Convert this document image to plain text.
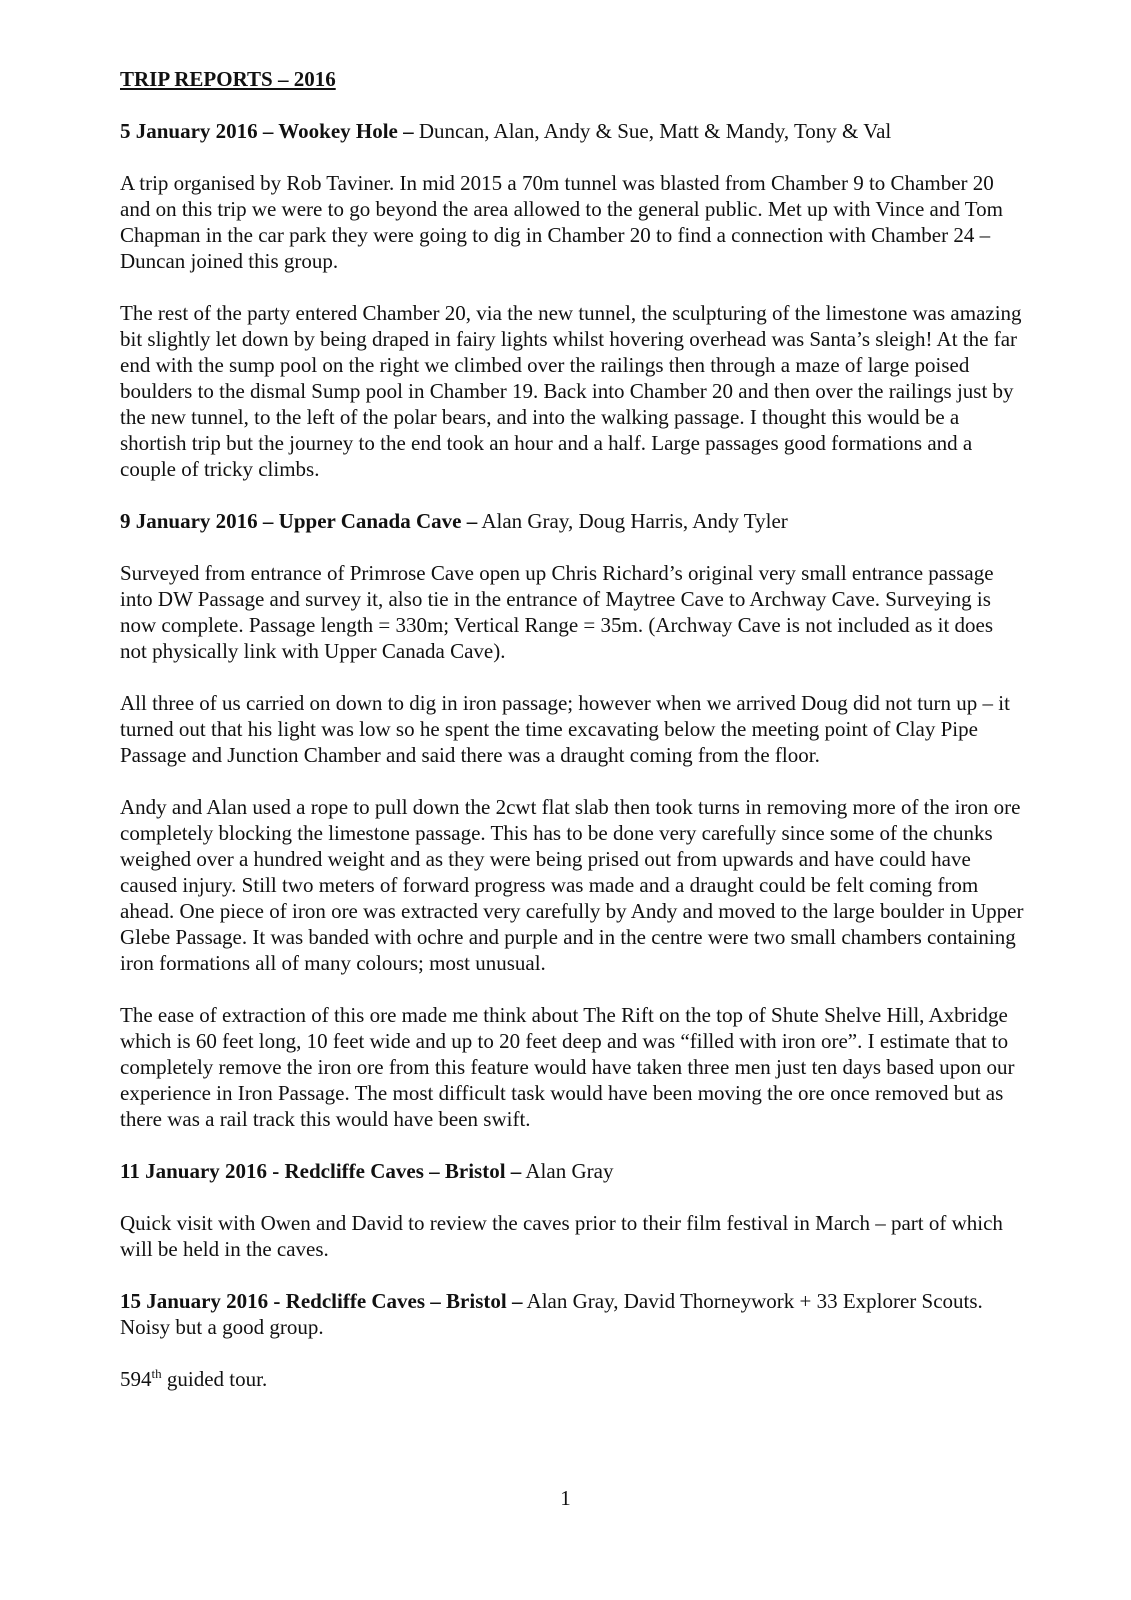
TRIP REPORTS – 2016
5 January 2016 – Wookey Hole – Duncan, Alan, Andy & Sue, Matt & Mandy, Tony & Val

A trip organised by Rob Taviner. In mid 2015 a 70m tunnel was blasted from Chamber 9 to Chamber 20 and on this trip we were to go beyond the area allowed to the general public. Met up with Vince and Tom Chapman in the car park they were going to dig in Chamber 20 to find a connection with Chamber 24 – Duncan joined this group.

The rest of the party entered Chamber 20, via the new tunnel, the sculpturing of the limestone was amazing bit slightly let down by being draped in fairy lights whilst hovering overhead was Santa’s sleigh! At the far end with the sump pool on the right we climbed over the railings then through a maze of large poised boulders to the dismal Sump pool in Chamber 19. Back into Chamber 20 and then over the railings just by the new tunnel, to the left of the polar bears, and into the walking passage. I thought this would be a shortish trip but the journey to the end took an hour and a half. Large passages good formations and a couple of tricky climbs.

9 January 2016 – Upper Canada Cave – Alan Gray, Doug Harris, Andy Tyler

Surveyed from entrance of Primrose Cave open up Chris Richard’s original very small entrance passage into DW Passage and survey it, also tie in the entrance of Maytree Cave to Archway Cave. Surveying is now complete. Passage length = 330m; Vertical Range = 35m. (Archway Cave is not included as it does not physically link with Upper Canada Cave).

All three of us carried on down to dig in iron passage; however when we arrived Doug did not turn up – it turned out that his light was low so he spent the time excavating below the meeting point of Clay Pipe Passage and Junction Chamber and said there was a draught coming from the floor.

Andy and Alan used a rope to pull down the 2cwt flat slab then took turns in removing more of the iron ore completely blocking the limestone passage. This has to be done very carefully since some of the chunks weighed over a hundred weight and as they were being prised out from upwards and have could have caused injury. Still two meters of forward progress was made and a draught could be felt coming from ahead. One piece of iron ore was extracted very carefully by Andy and moved to the large boulder in Upper Glebe Passage. It was banded with ochre and purple and in the centre were two small chambers containing iron formations all of many colours; most unusual.

The ease of extraction of this ore made me think about The Rift on the top of Shute Shelve Hill, Axbridge which is 60 feet long, 10 feet wide and up to 20 feet deep and was “filled with iron ore”. I estimate that to completely remove the iron ore from this feature would have taken three men just ten days based upon our experience in Iron Passage. The most difficult task would have been moving the ore once removed but as there was a rail track this would have been swift.

11 January 2016 - Redcliffe Caves – Bristol – Alan Gray

Quick visit with Owen and David to review the caves prior to their film festival in March – part of which will be held in the caves.

15 January 2016 - Redcliffe Caves – Bristol – Alan Gray, David Thorneywork + 33 Explorer Scouts. Noisy but a good group.

594th guided tour.

1
